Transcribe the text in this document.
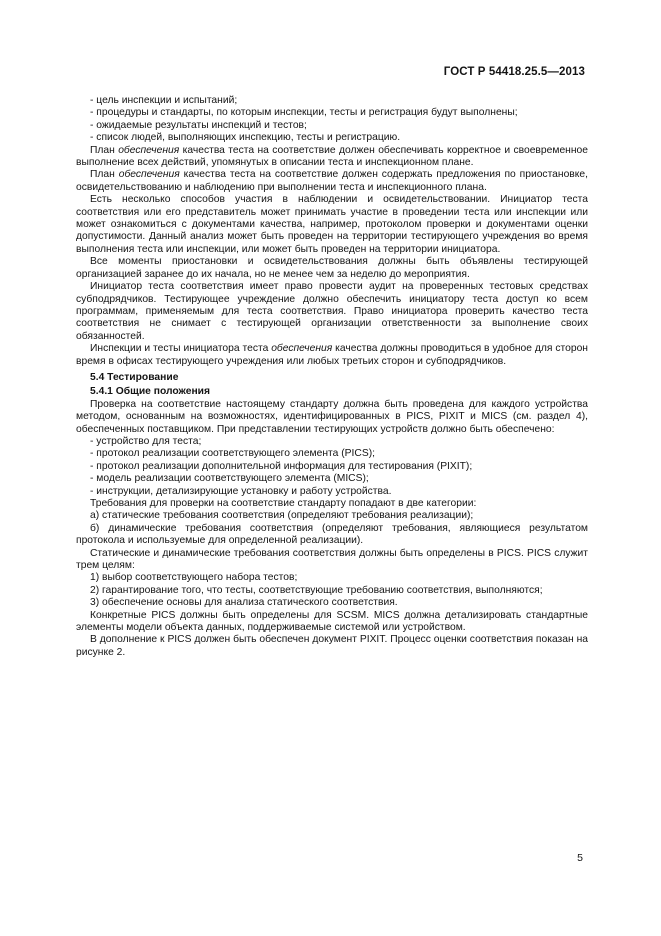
ГОСТ Р 54418.25.5—2013

- цель инспекции и испытаний;

- процедуры и стандарты, по которым инспекции, тесты и регистрация будут выполнены;

- ожидаемые результаты инспекций и тестов;

- список людей, выполняющих инспекцию, тесты и регистрацию.

План обеспечения качества теста на соответствие должен обеспечивать корректное и своевременное выполнение всех действий, упомянутых в описании теста и инспекционном плане.

План обеспечения качества теста на соответствие должен содержать предложения по приостановке, освидетельствованию и наблюдению при выполнении теста и инспекционного плана.

Есть несколько способов участия в наблюдении и освидетельствовании. Инициатор теста соответствия или его представитель может принимать участие в проведении теста или инспекции или может ознакомиться с документами качества, например, протоколом проверки и документами оценки допустимости. Данный анализ может быть проведен на территории тестирующего учреждения во время выполнения теста или инспекции, или может быть проведен на территории инициатора.

Все моменты приостановки и освидетельствования должны быть объявлены тестирующей организацией заранее до их начала, но не менее чем за неделю до мероприятия.

Инициатор теста соответствия имеет право провести аудит на проверенных тестовых средствах субподрядчиков. Тестирующее учреждение должно обеспечить инициатору теста доступ ко всем программам, применяемым для теста соответствия. Право инициатора проверить качество теста соответствия не снимает с тестирующей организации ответственности за выполнение своих обязанностей.

Инспекции и тесты инициатора теста обеспечения качества должны проводиться в удобное для сторон время в офисах тестирующего учреждения или любых третьих сторон и субподрядчиков.

5.4 Тестирование

5.4.1 Общие положения

Проверка на соответствие настоящему стандарту должна быть проведена для каждого устройства методом, основанным на возможностях, идентифицированных в PICS, PIXIT и MICS (см. раздел 4), обеспеченных поставщиком. При представлении тестирующих устройств должно быть обеспечено:

- устройство для теста;

- протокол реализации соответствующего элемента (PICS);

- протокол реализации дополнительной информация для тестирования (PIXIT);

- модель реализации соответствующего элемента (MICS);

- инструкции, детализирующие установку и работу устройства.

Требования для проверки на соответствие стандарту попадают в две категории:

а) статические требования соответствия (определяют требования реализации);

б) динамические требования соответствия (определяют требования, являющиеся результатом протокола и используемые для определенной реализации).

Статические и динамические требования соответствия должны быть определены в PICS. PICS служит трем целям:

1) выбор соответствующего набора тестов;

2) гарантирование того, что тесты, соответствующие требованию соответствия, выполняются;

3) обеспечение основы для анализа статического соответствия.

Конкретные PICS должны быть определены для SCSM. MICS должна детализировать стандартные элементы модели объекта данных, поддерживаемые системой или устройством.

В дополнение к PICS должен быть обеспечен документ PIXIT. Процесс оценки соответствия показан на рисунке 2.

5
